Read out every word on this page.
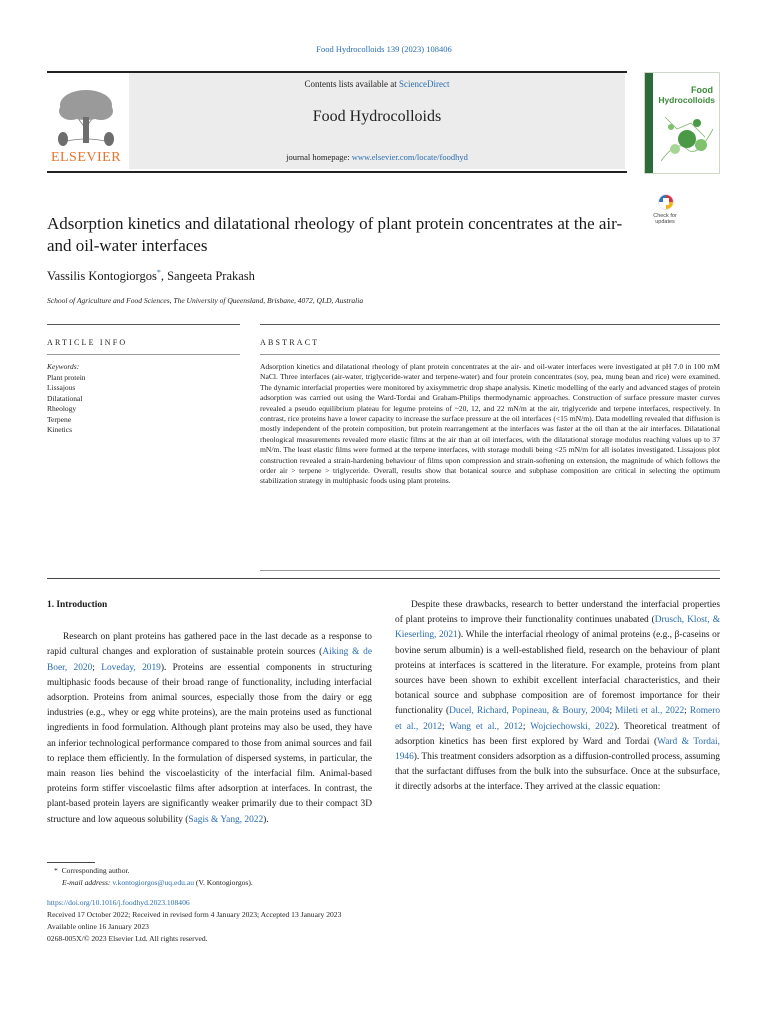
Food Hydrocolloids 139 (2023) 108406
ELSEVIER
Contents lists available at ScienceDirect
Food Hydrocolloids
journal homepage: www.elsevier.com/locate/foodhyd
Food
Hydrocolloids
Check for updates
Adsorption kinetics and dilatational rheology of plant protein concentrates at the air- and oil-water interfaces
Vassilis Kontogiorgos*, Sangeeta Prakash
School of Agriculture and Food Sciences, The University of Queensland, Brisbane, 4072, QLD, Australia
ARTICLE INFO	ABSTRACT
Keywords:
Plant protein
Lissajous
Dilatational
Rheology
Terpene
Kinetics
Adsorption kinetics and dilatational rheology of plant protein concentrates at the air- and oil-water interfaces were investigated at pH 7.0 in 100 mM NaCl. Three interfaces (air-water, triglyceride-water and terpene-water) and four protein concentrates (soy, pea, mung bean and rice) were examined. The dynamic interfacial properties were monitored by axisymmetric drop shape analysis. Kinetic modelling of the early and advanced stages of protein adsorption was carried out using the Ward-Tordai and Graham-Philips thermodynamic approaches. Construction of surface pressure master curves revealed a pseudo equilibrium plateau for legume proteins of ~20, 12, and 22 mN/m at the air, triglyceride and terpene interfaces, respectively. In contrast, rice proteins have a lower capacity to increase the surface pressure at the oil interfaces (<15 mN/m). Data modelling revealed that diffusion is mostly independent of the protein composition, but protein rearrangement at the interfaces was faster at the oil than at the air interfaces. Dilatational rheological measurements revealed more elastic films at the air than at oil interfaces, with the dilatational storage modulus reaching values up to 37 mN/m. The least elastic films were formed at the terpene interfaces, with storage moduli being <25 mN/m for all isolates investigated. Lissajous plot construction revealed a strain-hardening behaviour of films upon compression and strain-softening on extension, the magnitude of which follows the order air > terpene > triglyceride. Overall, results show that botanical source and subphase composition are critical in selecting the optimum stabilization strategy in multiphasic foods using plant proteins.
1. Introduction

Research on plant proteins has gathered pace in the last decade as a response to rapid cultural changes and exploration of sustainable protein sources (Aiking & de Boer, 2020; Loveday, 2019). Proteins are essential components in structuring multiphasic foods because of their broad range of functionality, including interfacial adsorption. Proteins from animal sources, especially those from the dairy or egg industries (e.g., whey or egg white proteins), are the main proteins used as functional ingredients in food formulation. Although plant proteins may also be used, they have an inferior technological performance compared to those from animal sources and fail to replace them efficiently. In the formulation of dispersed systems, in particular, the main reason lies behind the viscoelasticity of the interfacial film. Animal-based proteins form stiffer viscoelastic films after adsorption at interfaces. In contrast, the plant-based protein layers are significantly weaker primarily due to their compact 3D structure and low aqueous solubility (Sagis & Yang, 2022).

Despite these drawbacks, research to better understand the interfacial properties of plant proteins to improve their functionality continues unabated (Drusch, Klost, & Kieserling, 2021). While the interfacial rheology of animal proteins (e.g., β-caseins or bovine serum albumin) is a well-established field, research on the behaviour of plant proteins at interfaces is scattered in the literature. For example, proteins from plant sources have been shown to exhibit excellent interfacial characteristics, and their botanical source and subphase composition are of foremost importance for their functionality (Ducel, Richard, Popineau, & Boury, 2004; Mileti et al., 2022; Romero et al., 2012; Wang et al., 2012; Wojciechowski, 2022). Theoretical treatment of adsorption kinetics has been first explored by Ward and Tordai (Ward & Tordai, 1946). This treatment considers adsorption as a diffusion-controlled process, assuming that the surfactant diffuses from the bulk into the subsurface. Once at the subsurface, it directly adsorbs at the interface. They arrived at the classic equation:

* Corresponding author.
E-mail address: v.kontogiorgos@uq.edu.au (V. Kontogiorgos).
https://doi.org/10.1016/j.foodhyd.2023.108406
Received 17 October 2022; Received in revised form 4 January 2023; Accepted 13 January 2023
Available online 16 January 2023
0268-005X/© 2023 Elsevier Ltd. All rights reserved.
